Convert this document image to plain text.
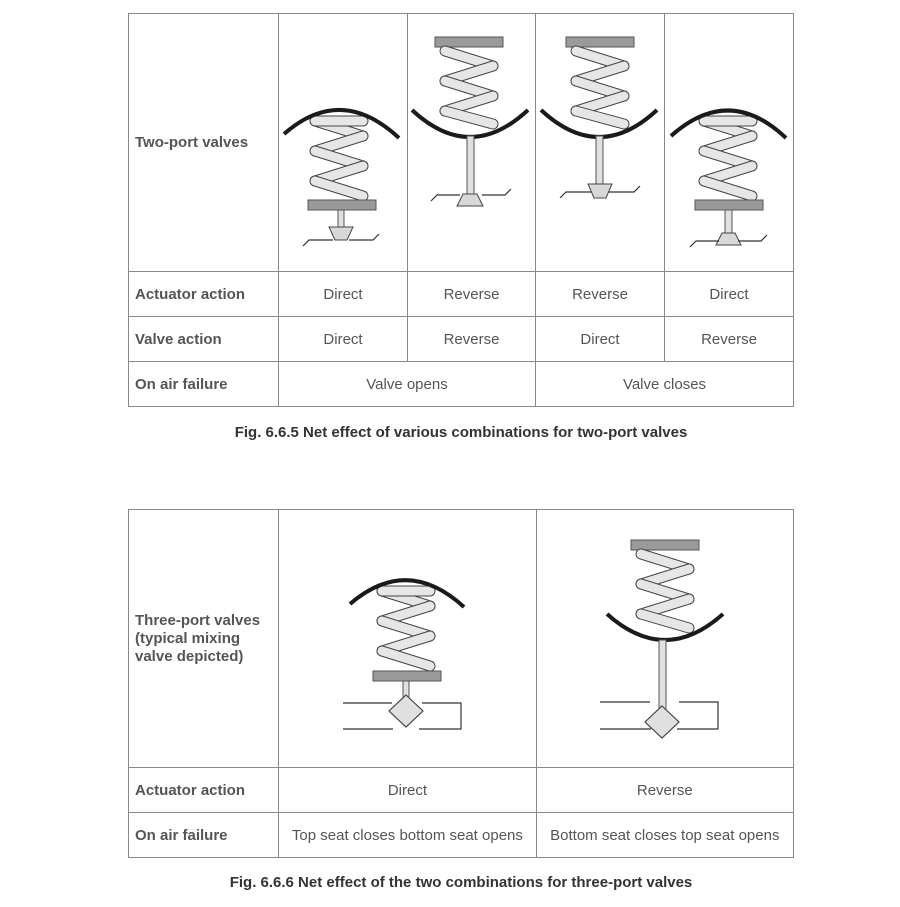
Two-port valves	

Actuator action	Direct	Reverse	Reverse	Direct
Valve action	Direct	Reverse	Direct	Reverse
On air failure	Valve opens		Valve closes	
Fig. 6.6.5 Net effect of various combinations for two-port valves
Three-port valves
(typical mixing
valve depicted)	

Actuator action	Direct	Reverse
On air failure	Top seat closes bottom seat opens	Bottom seat closes top seat opens
Fig. 6.6.6 Net effect of the two combinations for three-port valves
